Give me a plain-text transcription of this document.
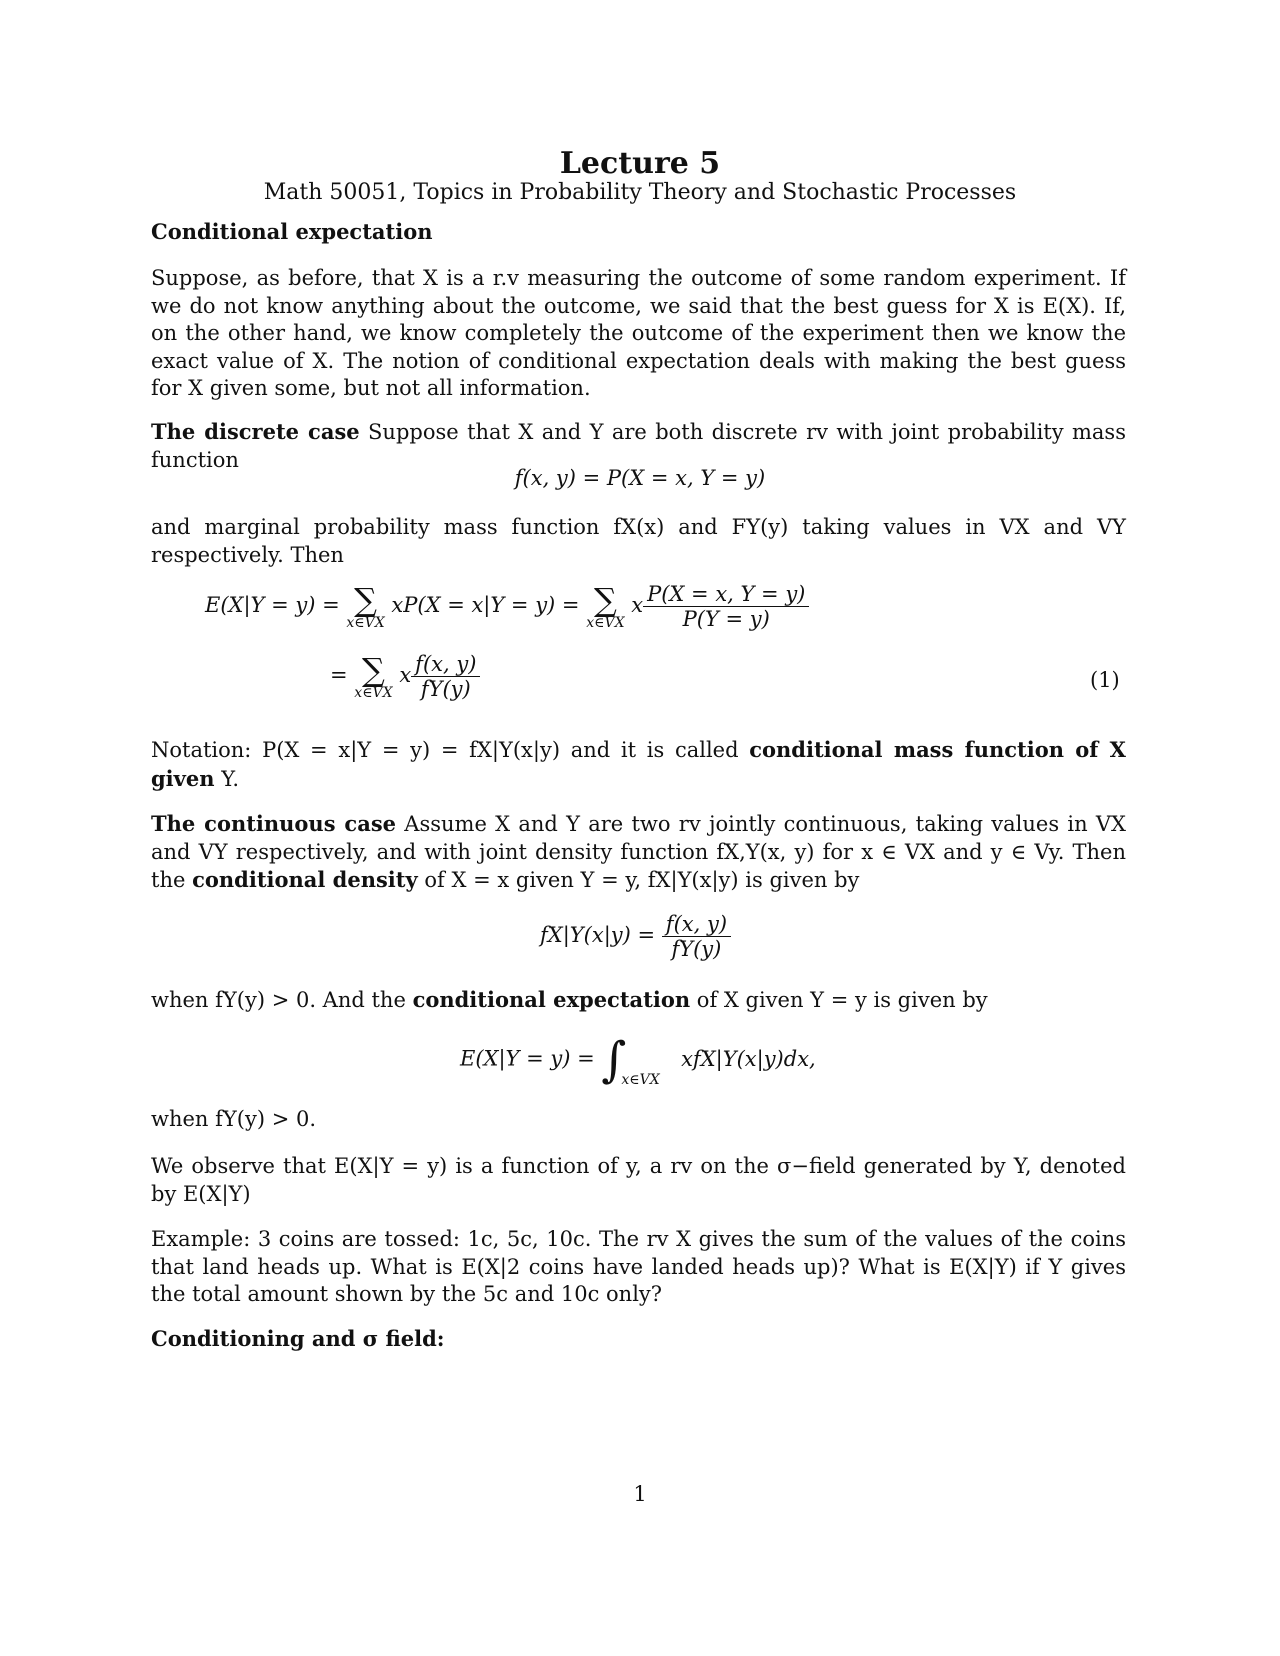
Lecture 5
Math 50051, Topics in Probability Theory and Stochastic Processes
Conditional expectation
Suppose, as before, that X is a r.v measuring the outcome of some random experiment. If we do not know anything about the outcome, we said that the best guess for X is E(X). If, on the other hand, we know completely the outcome of the experiment then we know the exact value of X. The notion of conditional expectation deals with making the best guess for X given some, but not all information.
The discrete case Suppose that X and Y are both discrete rv with joint probability mass function
f(x, y) = P(X = x, Y = y)
and marginal probability mass function fX(x) and FY(y) taking values in VX and VY respectively. Then
E(X|Y = y) = ∑
x∈VX
xP(X = x|Y = y) = ∑
x∈VX
x $\frac{P(X = x, Y = y)}{P(Y = y)}$
= ∑
x∈VX
x $\frac{f(x, y)}{fY(y)}$	(1)
Notation: P(X = x|Y = y) = fX|Y(x|y) and it is called conditional mass function of X given Y.
The continuous case Assume X and Y are two rv jointly continuous, taking values in VX and VY respectively, and with joint density function fX,Y(x, y) for x ∈ VX and y ∈ Vy. Then the conditional density of X = x given Y = y, fX|Y(x|y) is given by
$fX|Y(x|y) = \frac{f(x, y)}{fY(y)}$
when fY(y) > 0. And the conditional expectation of X given Y = y is given by
E(X|Y = y) = ∫
x∈VX
xfX|Y(x|y)dx,
when fY(y) > 0.
We observe that E(X|Y = y) is a function of y, a rv on the σ−field generated by Y, denoted by E(X|Y)
Example: 3 coins are tossed: 1c, 5c, 10c. The rv X gives the sum of the values of the coins that land heads up. What is E(X|2 coins have landed heads up)? What is E(X|Y) if Y gives the total amount shown by the 5c and 10c only?
Conditioning and σ field:
1
